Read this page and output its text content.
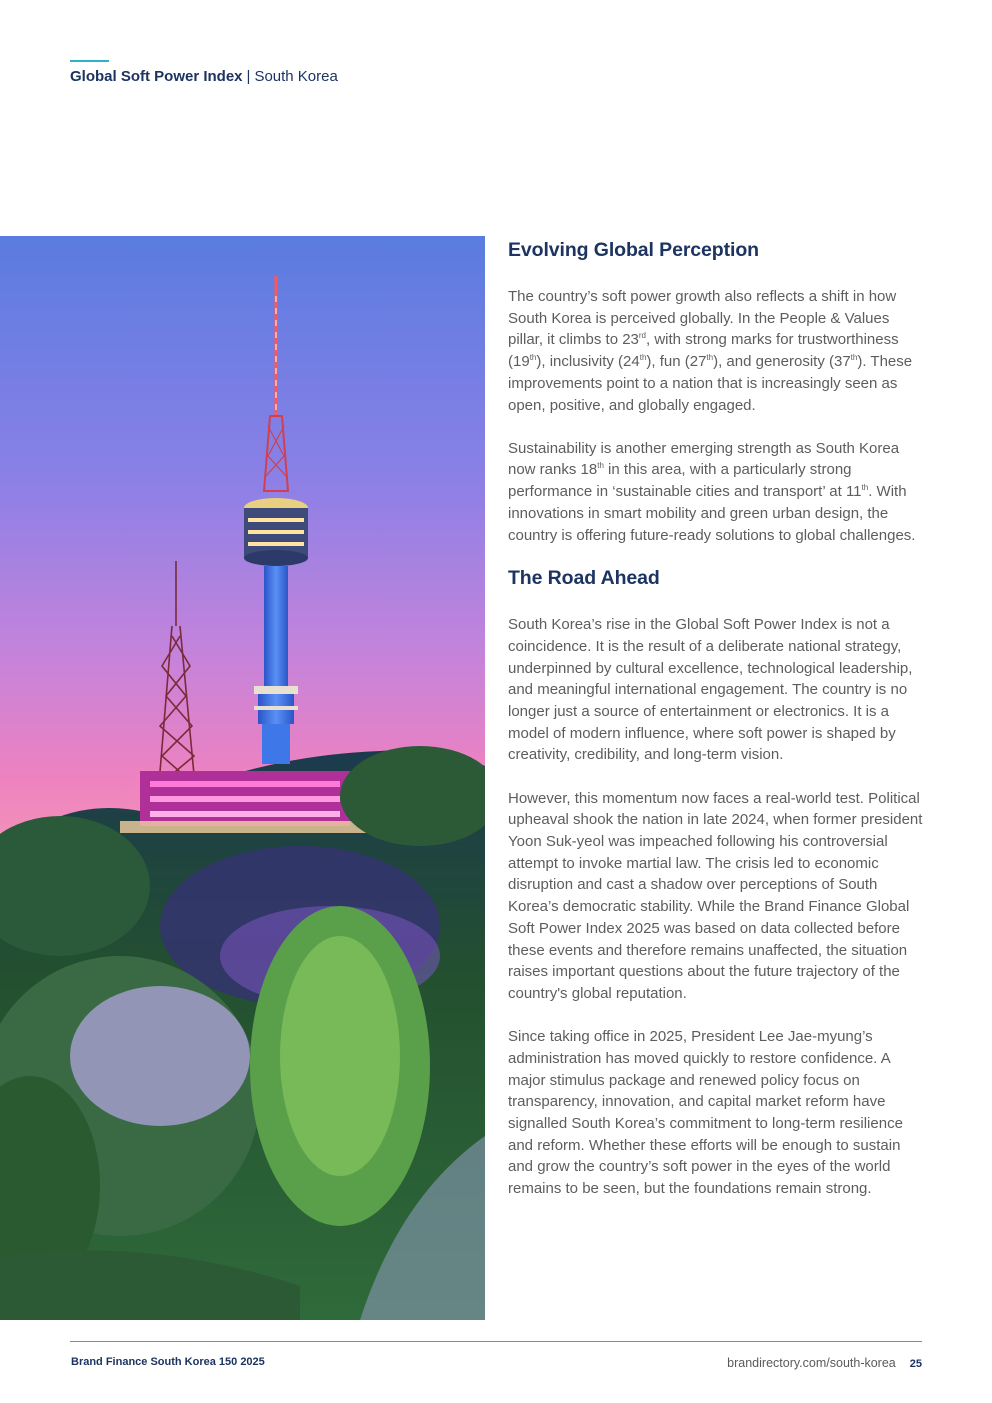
Global Soft Power Index | South Korea
Evolving Global Perception

The country’s soft power growth also reflects a shift in how South Korea is perceived globally. In the People & Values pillar, it climbs to 23rd, with strong marks for trustworthiness (19th), inclusivity (24th), fun (27th), and generosity (37th). These improvements point to a nation that is increasingly seen as open, positive, and globally engaged.

Sustainability is another emerging strength as South Korea now ranks 18th in this area, with a particularly strong performance in ‘sustainable cities and transport’ at 11th. With innovations in smart mobility and green urban design, the country is offering future-ready solutions to global challenges.

The Road Ahead

South Korea’s rise in the Global Soft Power Index is not a coincidence. It is the result of a deliberate national strategy, underpinned by cultural excellence, technological leadership, and meaningful international engagement. The country is no longer just a source of entertainment or electronics. It is a model of modern influence, where soft power is shaped by creativity, credibility, and long-term vision.

However, this momentum now faces a real-world test. Political upheaval shook the nation in late 2024, when former president Yoon Suk-yeol was impeached following his controversial attempt to invoke martial law. The crisis led to economic disruption and cast a shadow over perceptions of South Korea’s democratic stability. While the Brand Finance Global Soft Power Index 2025 was based on data collected before these events and therefore remains unaffected, the situation raises important questions about the future trajectory of the country's global reputation.

Since taking office in 2025, President Lee Jae-myung’s administration has moved quickly to restore confidence. A major stimulus package and renewed policy focus on transparency, innovation, and capital market reform have signalled South Korea’s commitment to long-term resilience and reform. Whether these efforts will be enough to sustain and grow the country’s soft power in the eyes of the world remains to be seen, but the foundations remain strong.

Brand Finance South Korea 150 2025	brandirectory.com/south-korea 25
